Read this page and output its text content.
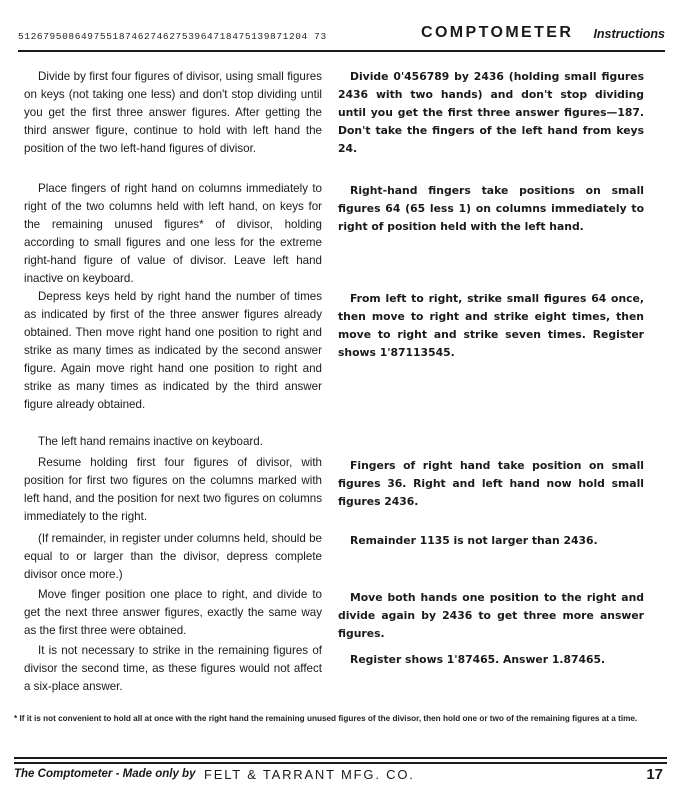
5126795086497551874627462753964718475139871204 73	COMPTOMETER Instructions

Divide by first four figures of divisor, using small figures on keys (not taking one less) and don't stop dividing until you get the first three answer figures. After getting the third answer figure, continue to hold with left hand the position of the two left-hand figures of divisor.

Place fingers of right hand on columns immediately to right of the two columns held with left hand, on keys for the remaining unused figures* of divisor, holding according to small figures and one less for the extreme right-hand figure of value of divisor. Leave left hand inactive on keyboard.

Depress keys held by right hand the number of times as indicated by first of the three answer figures already obtained. Then move right hand one position to right and strike as many times as indicated by the second answer figure. Again move right hand one position to right and strike as many times as indicated by the third answer figure already obtained.

The left hand remains inactive on keyboard.

Resume holding first four figures of divisor, with position for first two figures on the columns marked with left hand, and the position for next two figures on columns immediately to the right.

(If remainder, in register under columns held, should be equal to or larger than the divisor, depress complete divisor once more.)

Move finger position one place to right, and divide to get the next three answer figures, exactly the same way as the first three were obtained.

It is not necessary to strike in the remaining figures of divisor the second time, as these figures would not affect a six-place answer.

Divide 0'456789 by 2436 (holding small figures 2436 with two hands) and don't stop dividing until you get the first three answer figures—187. Don't take the fingers of the left hand from keys 24.

Right-hand fingers take positions on small figures 64 (65 less 1) on columns immediately to right of position held with the left hand.

From left to right, strike small figures 64 once, then move to right and strike eight times, then move to right and strike seven times. Register shows 1'87113545.

Fingers of right hand take position on small figures 36. Right and left hand now hold small figures 2436.

Remainder 1135 is not larger than 2436.

Move both hands one position to the right and divide again by 2436 to get three more answer figures.

Register shows 1'87465. Answer 1.87465.

* If it is not convenient to hold all at once with the right hand the remaining unused figures of the divisor, then hold one or two of the remaining figures at a time.

The Comptometer - Made only by FELT & TARRANT MFG. CO.	17
